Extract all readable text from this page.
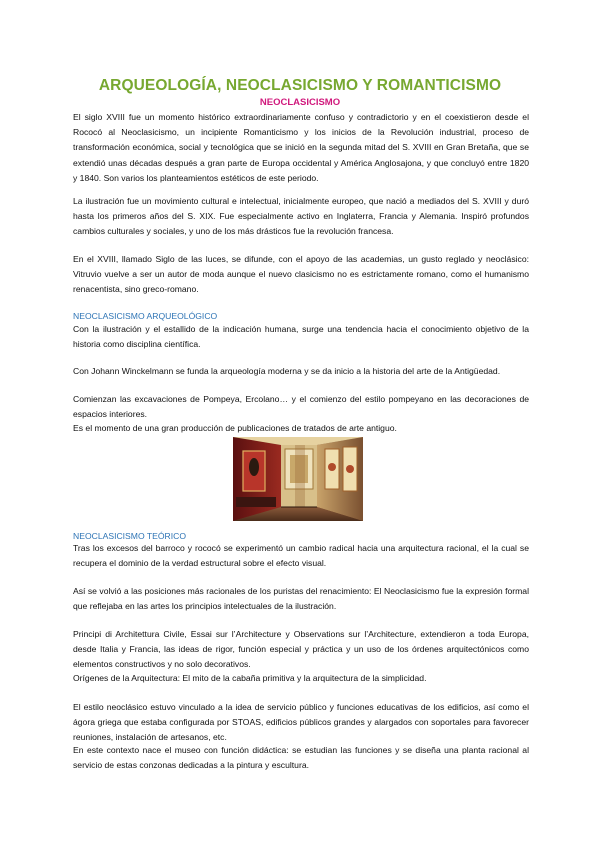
ARQUEOLOGÍA, NEOCLASICISMO Y ROMANTICISMO
NEOCLASICISMO

El siglo XVIII fue un momento histórico extraordinariamente confuso y contradictorio y en el coexistieron desde el Rococó al Neoclasicismo, un incipiente Romanticismo y los inicios de la Revolución industrial, proceso de transformación económica, social y tecnológica que se inició en la segunda mitad del S. XVIII en Gran Bretaña, que se extendió unas décadas después a gran parte de Europa occidental y América Anglosajona, y que concluyó entre 1820 y 1840. Son varios los planteamientos estéticos de este periodo.

La ilustración fue un movimiento cultural e intelectual, inicialmente europeo, que nació a mediados del S. XVIII y duró hasta los primeros años del S. XIX. Fue especialmente activo en Inglaterra, Francia y Alemania. Inspiró profundos cambios culturales y sociales, y uno de los más drásticos fue la revolución francesa.

En el XVIII, llamado Siglo de las luces, se difunde, con el apoyo de las academias, un gusto reglado y neoclásico: Vitruvio vuelve a ser un autor de moda aunque el nuevo clasicismo no es estrictamente romano, como el humanismo renacentista, sino greco-romano.

NEOCLASICISMO ARQUEOLÓGICO

Con la ilustración y el estallido de la indicación humana, surge una tendencia hacia el conocimiento objetivo de la historia como disciplina científica.

Con Johann Winckelmann se funda la arqueología moderna y se da inicio a la historia del arte de la Antigüedad.

Comienzan las excavaciones de Pompeya, Ercolano… y el comienzo del estilo pompeyano en las decoraciones de espacios interiores.

Es el momento de una gran producción de publicaciones de tratados de arte antiguo.

NEOCLASICISMO TEÓRICO

Tras los excesos del barroco y rococó se experimentó un cambio radical hacia una arquitectura racional, el la cual se recupera el dominio de la verdad estructural sobre el efecto visual.

Así se volvió a las posiciones más racionales de los puristas del renacimiento: El Neoclasicismo fue la expresión formal que reflejaba en las artes los principios intelectuales de la ilustración.

Principi di Architettura Civile, Essai sur l’Architecture y Observations sur l’Architecture, extendieron a toda Europa, desde Italia y Francia, las ideas de rigor, función especial y práctica y un uso de los órdenes arquitectónicos como elementos constructivos y no solo decorativos.

Orígenes de la Arquitectura: El mito de la cabaña primitiva y la arquitectura de la simplicidad.

El estilo neoclásico estuvo vinculado a la idea de servicio público y funciones educativas de los edificios, así como el ágora griega que estaba configurada por STOAS, edificios públicos grandes y alargados con soportales para favorecer reuniones, instalación de artesanos, etc.

En este contexto nace el museo con función didáctica: se estudian las funciones y se diseña una planta racional al servicio de estas conzonas dedicadas a la pintura y escultura.
